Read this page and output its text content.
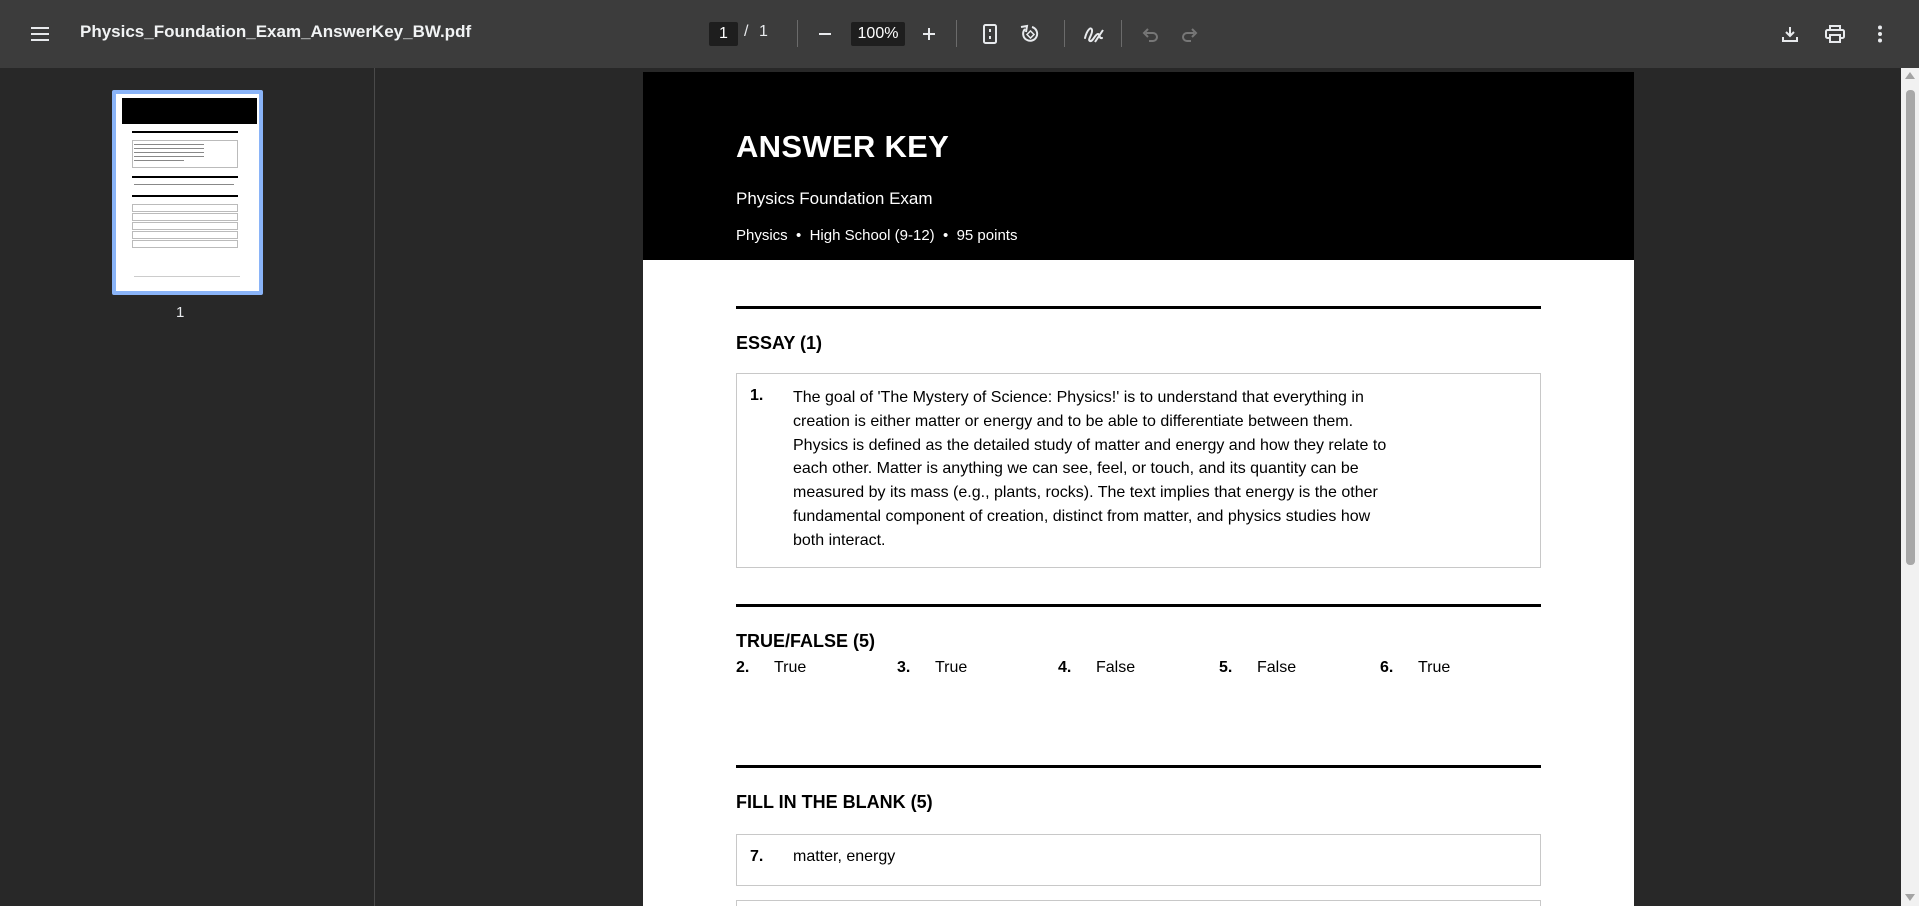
Physics_Foundation_Exam_AnswerKey_BW.pdf	1	/ 1	100%
1
ANSWER KEY
Physics Foundation Exam
Physics  •  High School (9-12)  •  95 points
ESSAY (1)
1. The goal of 'The Mystery of Science: Physics!' is to understand that everything in creation is either matter or energy and to be able to differentiate between them. Physics is defined as the detailed study of matter and energy and how they relate to each other. Matter is anything we can see, feel, or touch, and its quantity can be measured by its mass (e.g., plants, rocks). The text implies that energy is the other fundamental component of creation, distinct from matter, and physics studies how both interact.
TRUE/FALSE (5)
2. True	3. True	4. False	5. False	6. True
FILL IN THE BLANK (5)
7. matter, energy
